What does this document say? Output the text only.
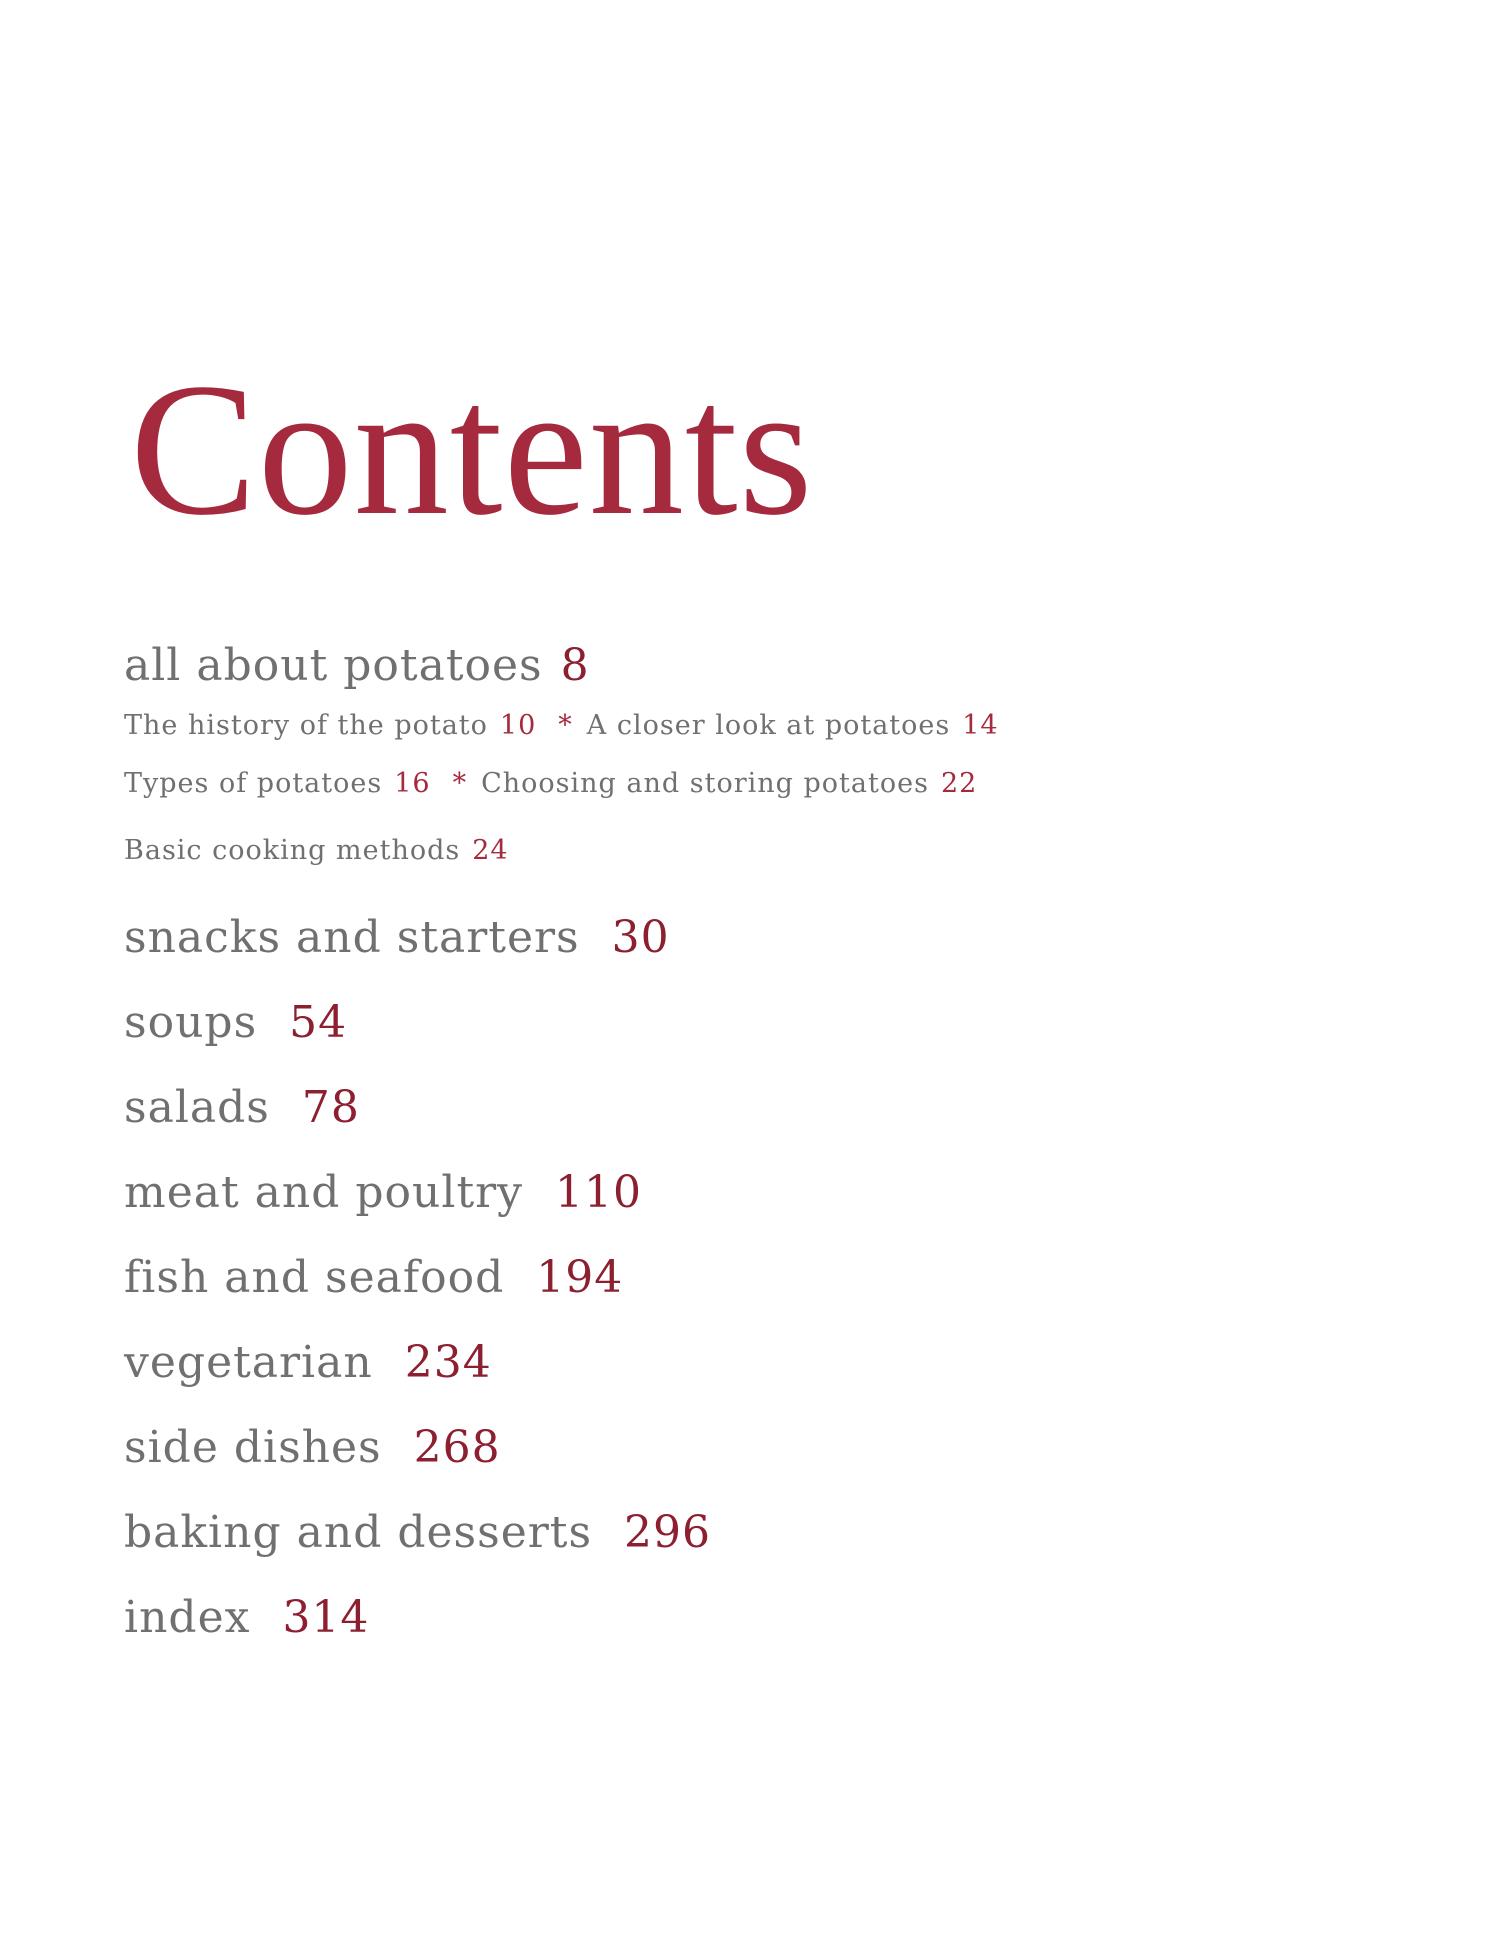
Contents
all about potatoes 8
The history of the potato 10 * A closer look at potatoes 14
Types of potatoes 16 * Choosing and storing potatoes 22
Basic cooking methods 24
snacks and starters 30
soups 54
salads 78
meat and poultry 110
fish and seafood 194
vegetarian 234
side dishes 268
baking and desserts 296
index 314
